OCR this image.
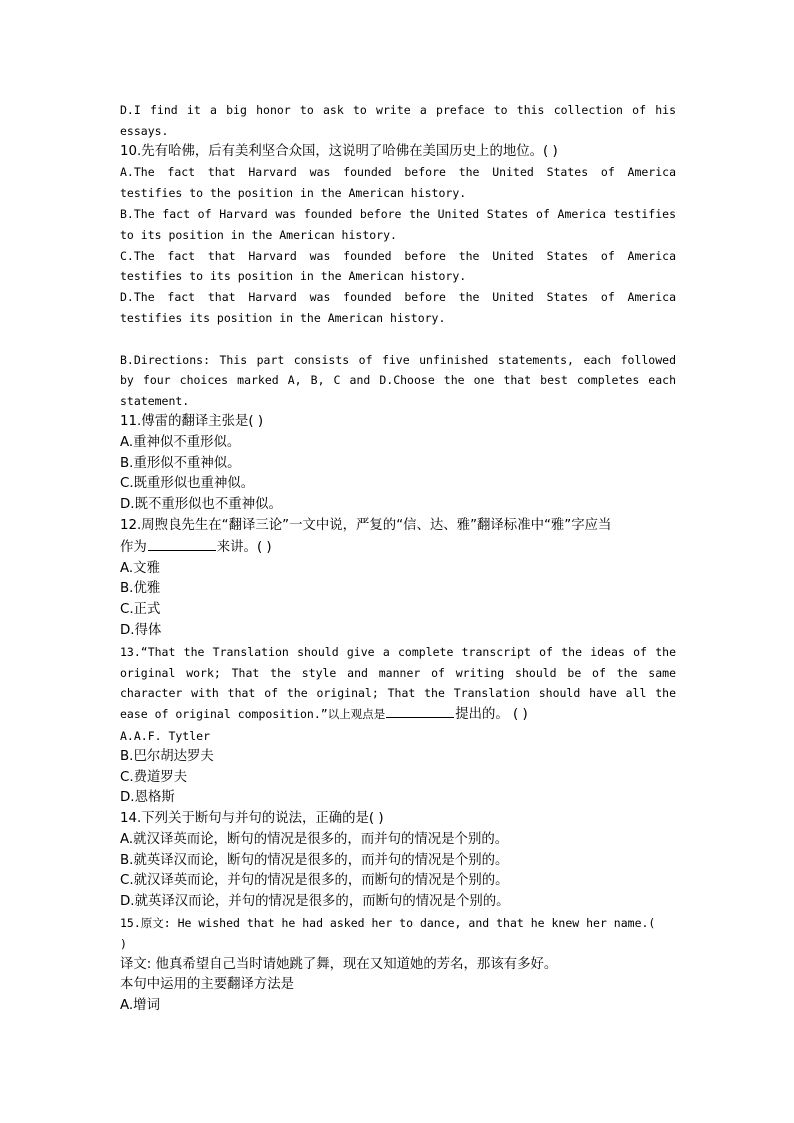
D.I find it a big honor to ask to write a preface to this collection of his
essays.
10.先有哈佛，后有美利坚合众国，这说明了哈佛在美国历史上的地位。( )
A.The fact that Harvard was founded before the United States of America
testifies to the position in the American history.
B.The fact of Harvard was founded before the United States of America testifies
to its position in the American history.
C.The fact that Harvard was founded before the United States of America
testifies to its position in the American history.
D.The fact that Harvard was founded before the United States of America
testifies its position in the American history.
B.Directions: This part consists of five unfinished statements, each followed
by four choices marked A, B, C and D.Choose the one that best completes each
statement.
11.傅雷的翻译主张是( )
A.重神似不重形似。
B.重形似不重神似。
C.既重形似也重神似。
D.既不重形似也不重神似。
12.周煦良先生在“翻译三论”一文中说，严复的“信、达、雅”翻译标准中“雅”字应当
作为	来讲。( )
A.文雅
B.优雅
C.正式
D.得体
13.“That the Translation should give a complete transcript of the ideas of the
original work; That the style and manner of writing should be of the same
character with that of the original; That the Translation should have all the
ease of original composition.”以上观点是	提出的。 ( )
A.A.F. Tytler
B.巴尔胡达罗夫
C.费道罗夫
D.恩格斯
14.下列关于断句与并句的说法，正确的是( )
A.就汉译英而论，断句的情况是很多的，而并句的情况是个别的。
B.就英译汉而论，断句的情况是很多的，而并句的情况是个别的。
C.就汉译英而论，并句的情况是很多的，而断句的情况是个别的。
D.就英译汉而论，并句的情况是很多的，而断句的情况是个别的。
15.原文: He wished that he had asked her to dance, and that he knew her name.(
)
译文: 他真希望自己当时请她跳了舞，现在又知道她的芳名，那该有多好。
本句中运用的主要翻译方法是
A.增词
